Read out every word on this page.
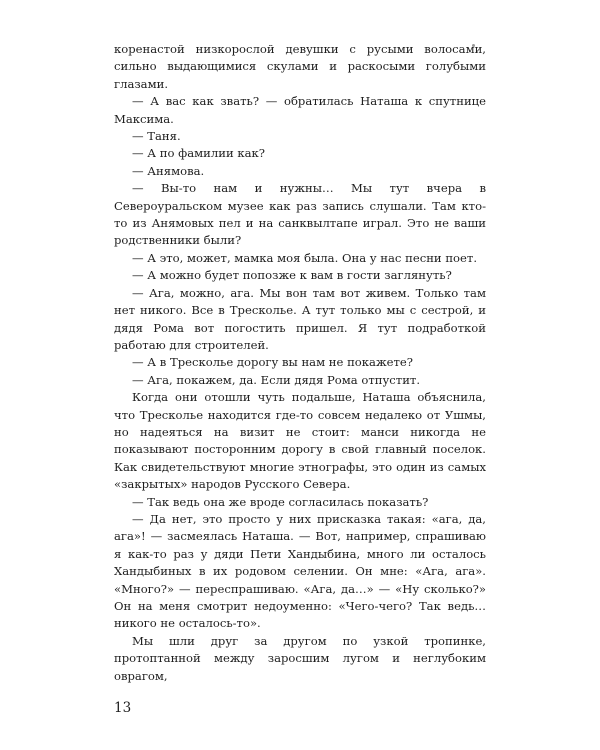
коренастой низкорослой девушки с русыми волосами, сильно выдающимися скулами и раскосыми голубыми глазами.

— А вас как звать? — обратилась Наташа к спутнице Максима.

— Таня.

— А по фамилии как?

— Анямова.

— Вы-то нам и нужны… Мы тут вчера в Североуральском музее как раз запись слушали. Там кто-то из Анямовых пел и на санквылтапе играл. Это не ваши родственники были?

— А это, может, мамка моя была. Она у нас песни поет.

— А можно будет попозже к вам в гости заглянуть?

— Ага, можно, ага. Мы вон там вот живем. Только там нет никого. Все в Тресколье. А тут только мы с сестрой, и дядя Рома вот погостить пришел. Я тут подработкой работаю для строителей.

— А в Тресколье дорогу вы нам не покажете?

— Ага, покажем, да. Если дядя Рома отпустит.

Когда они отошли чуть подальше, Наташа объяснила, что Тресколье находится где-то совсем недалеко от Ушмы, но надеяться на визит не стоит: манси никогда не показывают посторонним дорогу в свой главный поселок. Как свидетельствуют многие этнографы, это один из самых «закрытых» народов Русского Севера.

— Так ведь она же вроде согласилась показать?

— Да нет, это просто у них присказка такая: «ага, да, ага»! — засмеялась Наташа. — Вот, например, спрашиваю я как-то раз у дяди Пети Хандыбина, много ли осталось Хандыбиных в их родовом селении. Он мне: «Ага, ага». «Много?» — переспрашиваю. «Ага, да…» — «Ну сколько?» Он на меня смотрит недоуменно: «Чего-чего? Так ведь… никого не осталось-то».

Мы шли друг за другом по узкой тропинке, протоптанной между заросшим лугом и неглубоким оврагом,

13
